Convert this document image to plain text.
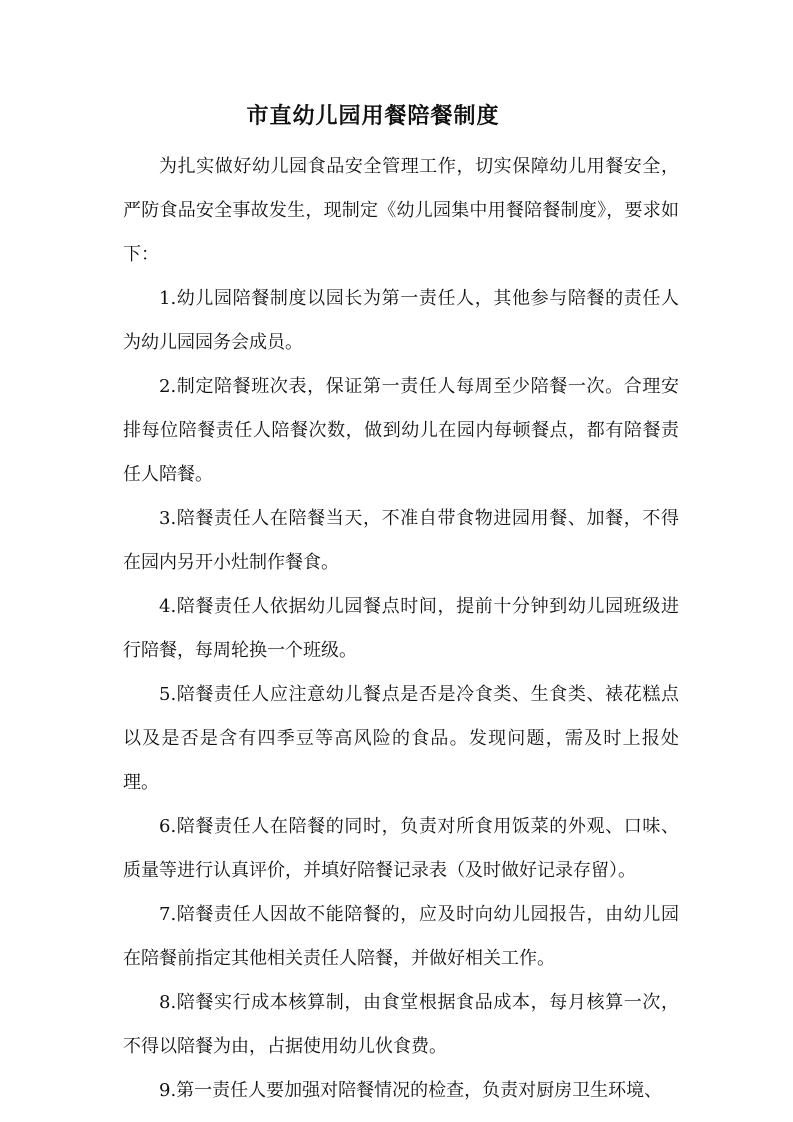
市直幼儿园用餐陪餐制度

为扎实做好幼儿园食品安全管理工作，切实保障幼儿用餐安全，严防食品安全事故发生，现制定《幼儿园集中用餐陪餐制度》，要求如下：

1.幼儿园陪餐制度以园长为第一责任人，其他参与陪餐的责任人为幼儿园园务会成员。

2.制定陪餐班次表，保证第一责任人每周至少陪餐一次。合理安排每位陪餐责任人陪餐次数，做到幼儿在园内每顿餐点，都有陪餐责任人陪餐。

3.陪餐责任人在陪餐当天，不准自带食物进园用餐、加餐，不得在园内另开小灶制作餐食。

4.陪餐责任人依据幼儿园餐点时间，提前十分钟到幼儿园班级进行陪餐，每周轮换一个班级。

5.陪餐责任人应注意幼儿餐点是否是冷食类、生食类、裱花糕点以及是否是含有四季豆等高风险的食品。发现问题，需及时上报处理。

6.陪餐责任人在陪餐的同时，负责对所食用饭菜的外观、口味、质量等进行认真评价，并填好陪餐记录表（及时做好记录存留）。

7.陪餐责任人因故不能陪餐的，应及时向幼儿园报告，由幼儿园在陪餐前指定其他相关责任人陪餐，并做好相关工作。

8.陪餐实行成本核算制，由食堂根据食品成本，每月核算一次，不得以陪餐为由，占据使用幼儿伙食费。

9.第一责任人要加强对陪餐情况的检查，负责对厨房卫生环境、
